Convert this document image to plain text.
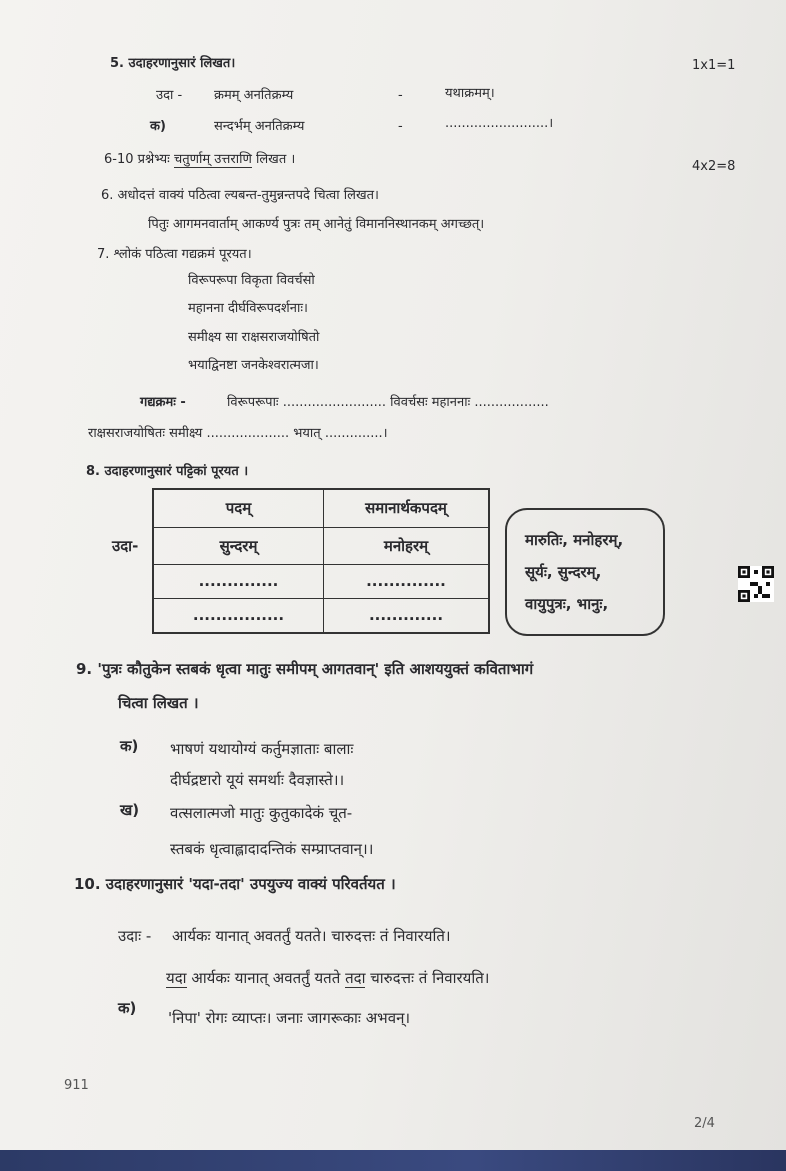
5. उदाहरणानुसारं लिखत।	1x1=1
उदा - क्रमम् अनतिक्रम्य	-	यथाक्रमम्।
क)	सन्दर्भम् अनतिक्रम्य	-	.........................।
6-10 प्रश्नेभ्यः चतुर्णाम् उत्तराणि लिखत ।	4x2=8
6. अधोदत्तं वाक्यं पठित्वा ल्यबन्त-तुमुन्नन्तपदे चित्वा लिखत।
पितुः आगमनवार्ताम् आकर्ण्य पुत्रः तम् आनेतुं विमाननिस्थानकम् अगच्छत्।
7. श्लोकं पठित्वा गद्यक्रमं पूरयत।
विरूपरूपा विकृता विवर्चसो
महानना दीर्घविरूपदर्शनाः।
समीक्ष्य सा राक्षसराजयोषितो
भयाद्विनष्टा जनकेश्वरात्मजा।
गद्यक्रमः -	विरूपरूपाः ......................... विवर्चसः महाननाः ..................
राक्षसराजयोषितः समीक्ष्य .................... भयात् ..............।
8. उदाहरणानुसारं पट्टिकां पूरयत ।
उदा-
पदम्	समानार्थकपदम्
सुन्दरम्	मनोहरम्
..............	..............
................	.............
मारुतिः, मनोहरम्,
सूर्यः, सुन्दरम्,
वायुपुत्रः, भानुः,
9. 'पुत्रः कौतुकेन स्तबकं धृत्वा मातुः समीपम् आगतवान्' इति आशययुक्तं कविताभागं
चित्वा लिखत ।
क) भाषणं यथायोग्यं कर्तुमज्ञाताः बालाः
दीर्घद्रष्टारो यूयं समर्थाः दैवज्ञास्ते।।
ख) वत्सलात्मजो मातुः कुतुकादेकं चूत-
स्तबकं धृत्वाह्लादादन्तिकं सम्प्राप्तवान्।।
10. उदाहरणानुसारं 'यदा-तदा' उपयुज्य वाक्यं परिवर्तयत ।
उदाः - आर्यकः यानात् अवतर्तुं यतते। चारुदत्तः तं निवारयति।
यदा आर्यकः यानात् अवतर्तुं यतते तदा चारुदत्तः तं निवारयति।
क)
'निपा' रोगः व्याप्तः। जनाः जागरूकाः अभवन्।
911
2/4
